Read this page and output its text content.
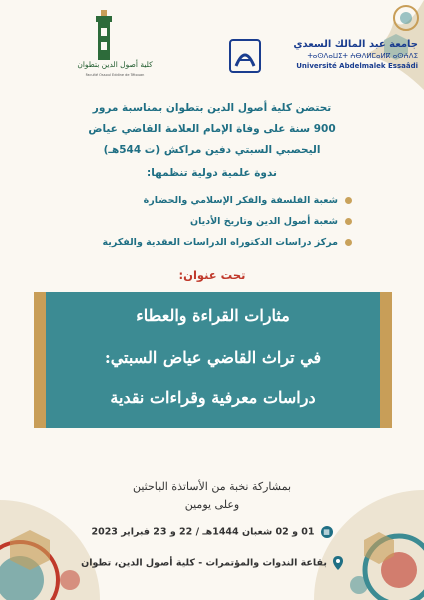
كلية أصول الدين بتطوان
Faculté Ossoul Eddine de Tétouan
جامعة عبد المالك السعدي
ⵜⴰⵙⴷⴰⵡⵉⵜ ⵄⴱⴷⵍⵎⴰⵍⴽ ⴰⵙⵄⴷⵉ
Université Abdelmalek Essaâdi
تحتضن كلية أصول الدين بتطوان بمناسبة مرور
900 سنة على وفاة الإمام العلامة القاضي عياض
اليحصبي السبتي دفين مراكش (ت 544هـ)
ندوة علمية دولية تنظمها:
شعبة الفلسفة والفكر الإسلامي والحضارة
شعبة أصول الدين وتاريخ الأديان
مركز دراسات الدكتوراه الدراسات العقدية والفكرية
تحت عنوان:
مثارات القراءة والعطاء
في تراث القاضي عياض السبتي:
دراسات معرفية وقراءات نقدية
بمشاركة نخبة من الأساتذة الباحثين
وعلى يومين
▦01 و 02 شعبان 1444هـ / 22 و 23 فبراير 2023
بقاعة الندوات والمؤتمرات - كلية أصول الدين، تطوان
